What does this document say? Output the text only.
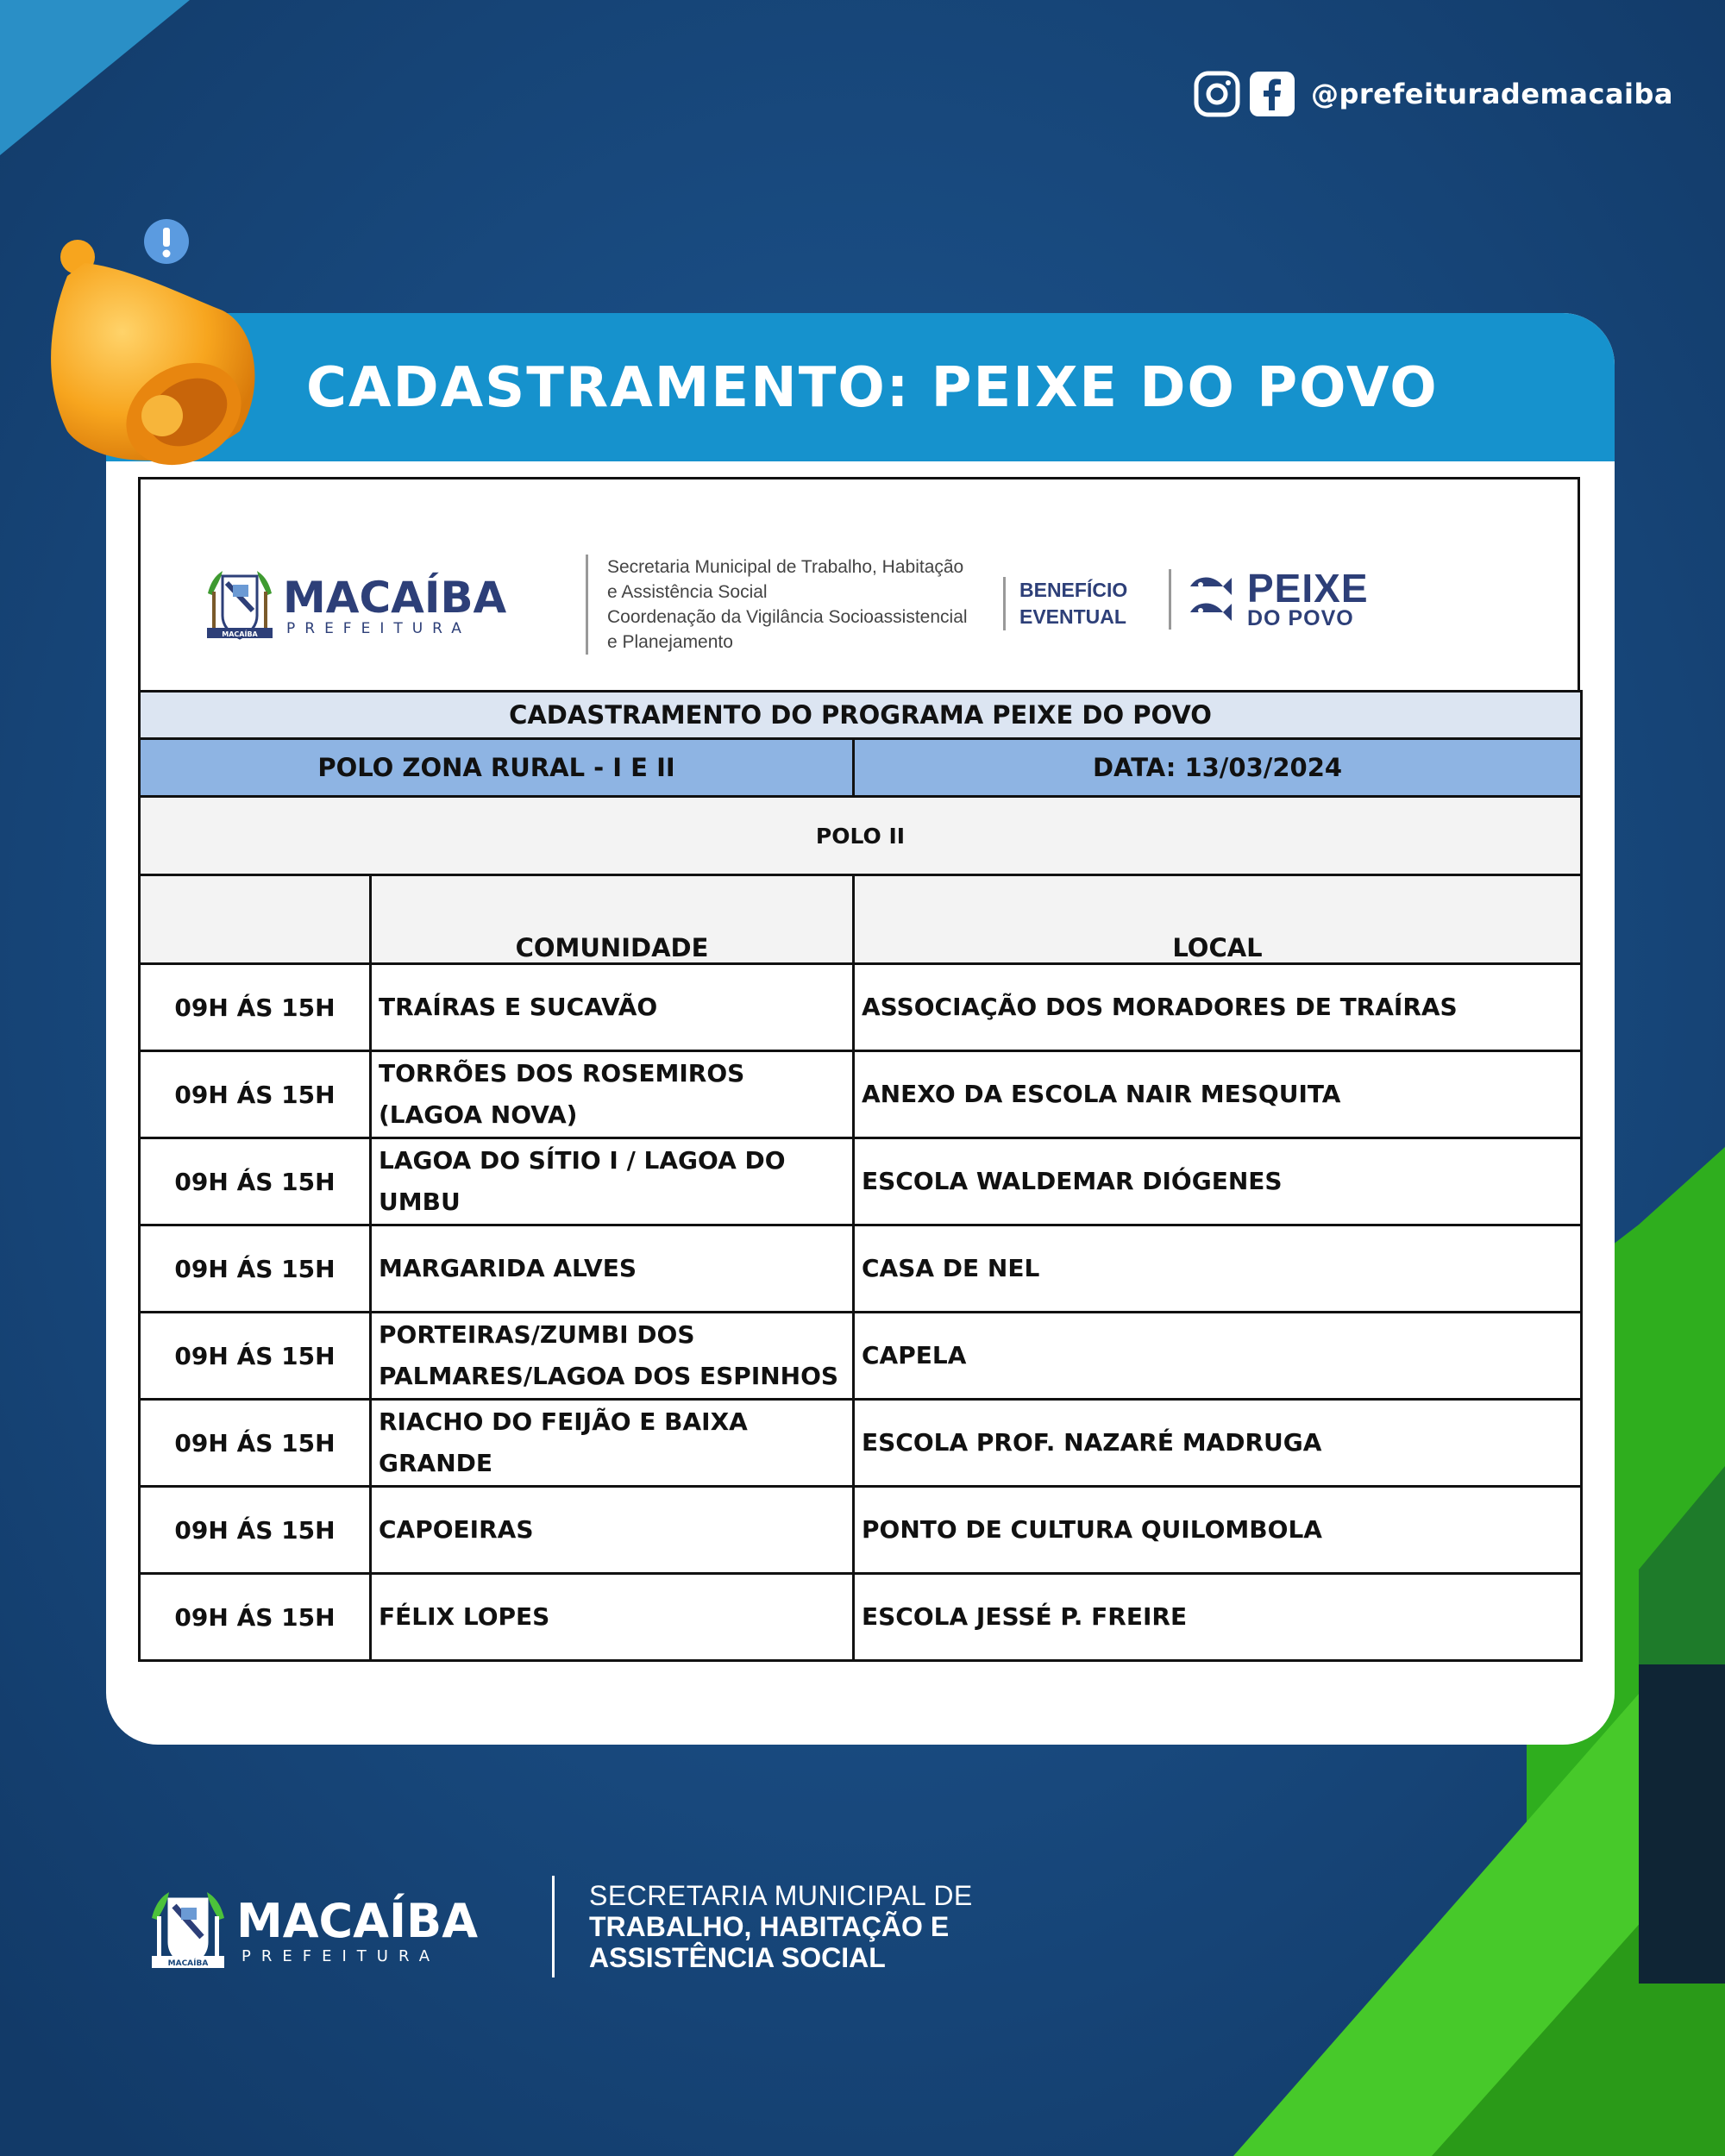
@prefeiturademacaiba
CADASTRAMENTO: PEIXE DO POVO
MACAÍBA
MACAÍBA
PREFEITURA
Secretaria Municipal de Trabalho, Habitação
e Assistência Social
Coordenação da Vigilância Socioassistencial
e Planejamento
BENEFÍCIO
EVENTUAL
PEIXE
DO POVO
CADASTRAMENTO DO PROGRAMA PEIXE DO POVO		
POLO ZONA RURAL - I E II		DATA: 13/03/2024
POLO II		
	COMUNIDADE	LOCAL
09H ÁS 15H	TRAÍRAS E SUCAVÃO	ASSOCIAÇÃO DOS MORADORES DE TRAÍRAS
09H ÁS 15H	TORRÕES DOS ROSEMIROS (LAGOA NOVA)	ANEXO DA ESCOLA NAIR MESQUITA
09H ÁS 15H	LAGOA DO SÍTIO I / LAGOA DO UMBU	ESCOLA WALDEMAR DIÓGENES
09H ÁS 15H	MARGARIDA ALVES	CASA DE NEL
09H ÁS 15H	PORTEIRAS/ZUMBI DOS PALMARES/LAGOA DOS ESPINHOS	CAPELA
09H ÁS 15H	RIACHO DO FEIJÃO E BAIXA GRANDE	ESCOLA PROF. NAZARÉ MADRUGA
09H ÁS 15H	CAPOEIRAS	PONTO DE CULTURA QUILOMBOLA
09H ÁS 15H	FÉLIX LOPES	ESCOLA JESSÉ P. FREIRE
MACAÍBA
MACAÍBA
PREFEITURA
SECRETARIA MUNICIPAL DE
TRABALHO, HABITAÇÃO E
ASSISTÊNCIA SOCIAL
